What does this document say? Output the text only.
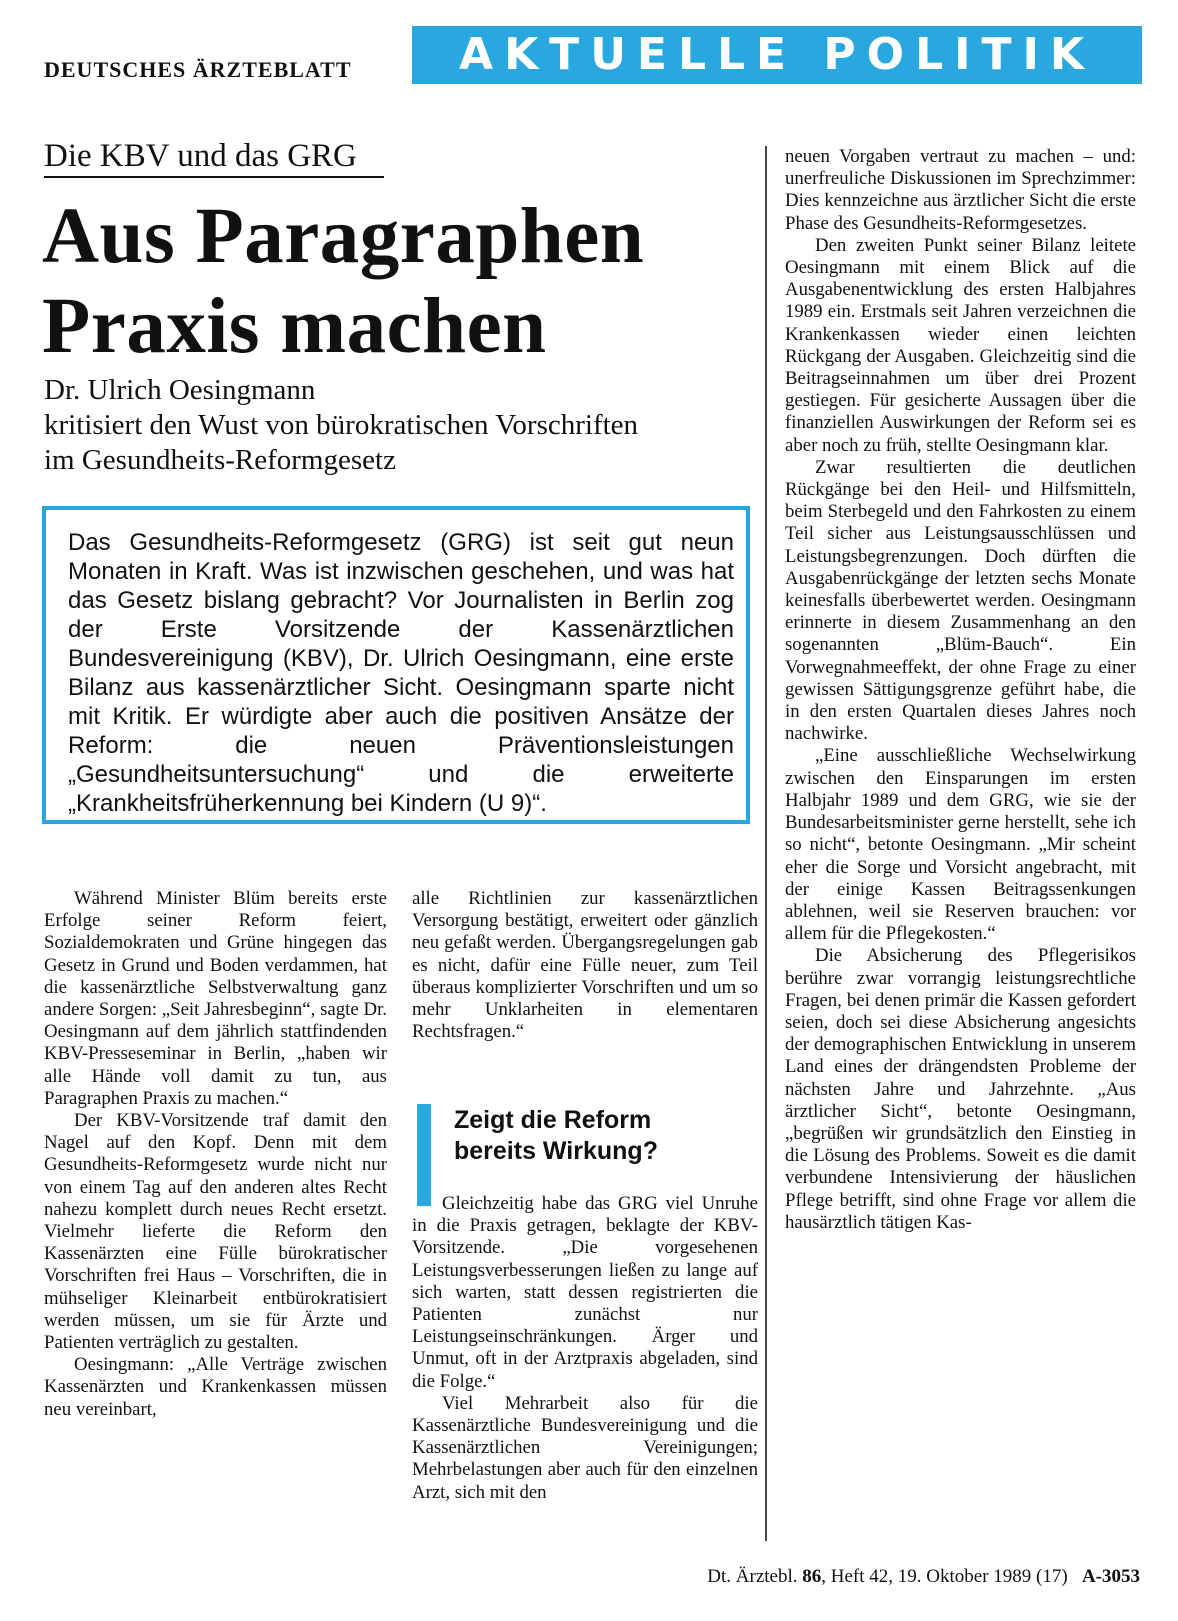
DEUTSCHES ÄRZTEBLATT	AKTUELLE POLITIK
Die KBV und das GRG
Aus Paragraphen
Praxis machen
Dr. Ulrich Oesingmann
kritisiert den Wust von bürokratischen Vorschriften
im Gesundheits-Reformgesetz
Das Gesundheits-Reformgesetz (GRG) ist seit gut neun Monaten in Kraft. Was ist inzwischen geschehen, und was hat das Gesetz bislang gebracht? Vor Journalisten in Berlin zog der Erste Vorsitzende der Kassenärztlichen Bundesvereinigung (KBV), Dr. Ulrich Oesingmann, eine erste Bilanz aus kassenärztlicher Sicht. Oesingmann sparte nicht mit Kritik. Er würdigte aber auch die positiven Ansätze der Reform: die neuen Präventionsleistungen „Gesundheitsuntersuchung“ und die erweiterte „Krankheitsfrüherkennung bei Kindern (U 9)“.

Während Minister Blüm bereits erste Erfolge seiner Reform feiert, Sozialdemokraten und Grüne hingegen das Gesetz in Grund und Boden verdammen, hat die kassenärztliche Selbstverwaltung ganz andere Sorgen: „Seit Jahresbeginn“, sagte Dr. Oesingmann auf dem jährlich stattfindenden KBV-Presseseminar in Berlin, „haben wir alle Hände voll damit zu tun, aus Paragraphen Praxis zu machen.“

Der KBV-Vorsitzende traf damit den Nagel auf den Kopf. Denn mit dem Gesundheits-Reformgesetz wurde nicht nur von einem Tag auf den anderen altes Recht nahezu komplett durch neues Recht ersetzt. Vielmehr lieferte die Reform den Kassenärzten eine Fülle bürokratischer Vorschriften frei Haus – Vorschriften, die in mühseliger Kleinarbeit entbürokratisiert werden müssen, um sie für Ärzte und Patienten verträglich zu gestalten.

Oesingmann: „Alle Verträge zwischen Kassenärzten und Krankenkassen müssen neu vereinbart,

alle Richtlinien zur kassenärztlichen Versorgung bestätigt, erweitert oder gänzlich neu gefaßt werden. Übergangsregelungen gab es nicht, dafür eine Fülle neuer, zum Teil überaus komplizierter Vorschriften und um so mehr Unklarheiten in elementaren Rechtsfragen.“

Zeigt die Reform
bereits Wirkung?

Gleichzeitig habe das GRG viel Unruhe in die Praxis getragen, beklagte der KBV-Vorsitzende. „Die vorgesehenen Leistungsverbesserungen ließen zu lange auf sich warten, statt dessen registrierten die Patienten zunächst nur Leistungseinschränkungen. Ärger und Unmut, oft in der Arztpraxis abgeladen, sind die Folge.“

Viel Mehrarbeit also für die Kassenärztliche Bundesvereinigung und die Kassenärztlichen Vereinigungen; Mehrbelastungen aber auch für den einzelnen Arzt, sich mit den

neuen Vorgaben vertraut zu machen – und: unerfreuliche Diskussionen im Sprechzimmer: Dies kennzeichne aus ärztlicher Sicht die erste Phase des Gesundheits-Reformgesetzes.

Den zweiten Punkt seiner Bilanz leitete Oesingmann mit einem Blick auf die Ausgabenentwicklung des ersten Halbjahres 1989 ein. Erstmals seit Jahren verzeichnen die Krankenkassen wieder einen leichten Rückgang der Ausgaben. Gleichzeitig sind die Beitragseinnahmen um über drei Prozent gestiegen. Für gesicherte Aussagen über die finanziellen Auswirkungen der Reform sei es aber noch zu früh, stellte Oesingmann klar.

Zwar resultierten die deutlichen Rückgänge bei den Heil- und Hilfsmitteln, beim Sterbegeld und den Fahrkosten zu einem Teil sicher aus Leistungsausschlüssen und Leistungsbegrenzungen. Doch dürften die Ausgabenrückgänge der letzten sechs Monate keinesfalls überbewertet werden. Oesingmann erinnerte in diesem Zusammenhang an den sogenannten „Blüm-Bauch“. Ein Vorwegnahmeeffekt, der ohne Frage zu einer gewissen Sättigungsgrenze geführt habe, die in den ersten Quartalen dieses Jahres noch nachwirke.

„Eine ausschließliche Wechselwirkung zwischen den Einsparungen im ersten Halbjahr 1989 und dem GRG, wie sie der Bundesarbeitsminister gerne herstellt, sehe ich so nicht“, betonte Oesingmann. „Mir scheint eher die Sorge und Vorsicht angebracht, mit der einige Kassen Beitragssenkungen ablehnen, weil sie Reserven brauchen: vor allem für die Pflegekosten.“

Die Absicherung des Pflegerisikos berühre zwar vorrangig leistungsrechtliche Fragen, bei denen primär die Kassen gefordert seien, doch sei diese Absicherung angesichts der demographischen Entwicklung in unserem Land eines der drängendsten Probleme der nächsten Jahre und Jahrzehnte. „Aus ärztlicher Sicht“, betonte Oesingmann, „begrüßen wir grundsätzlich den Einstieg in die Lösung des Problems. Soweit es die damit verbundene Intensivierung der häuslichen Pflege betrifft, sind ohne Frage vor allem die hausärztlich tätigen Kas-

Dt. Ärztebl. 86, Heft 42, 19. Oktober 1989 (17) A-3053
